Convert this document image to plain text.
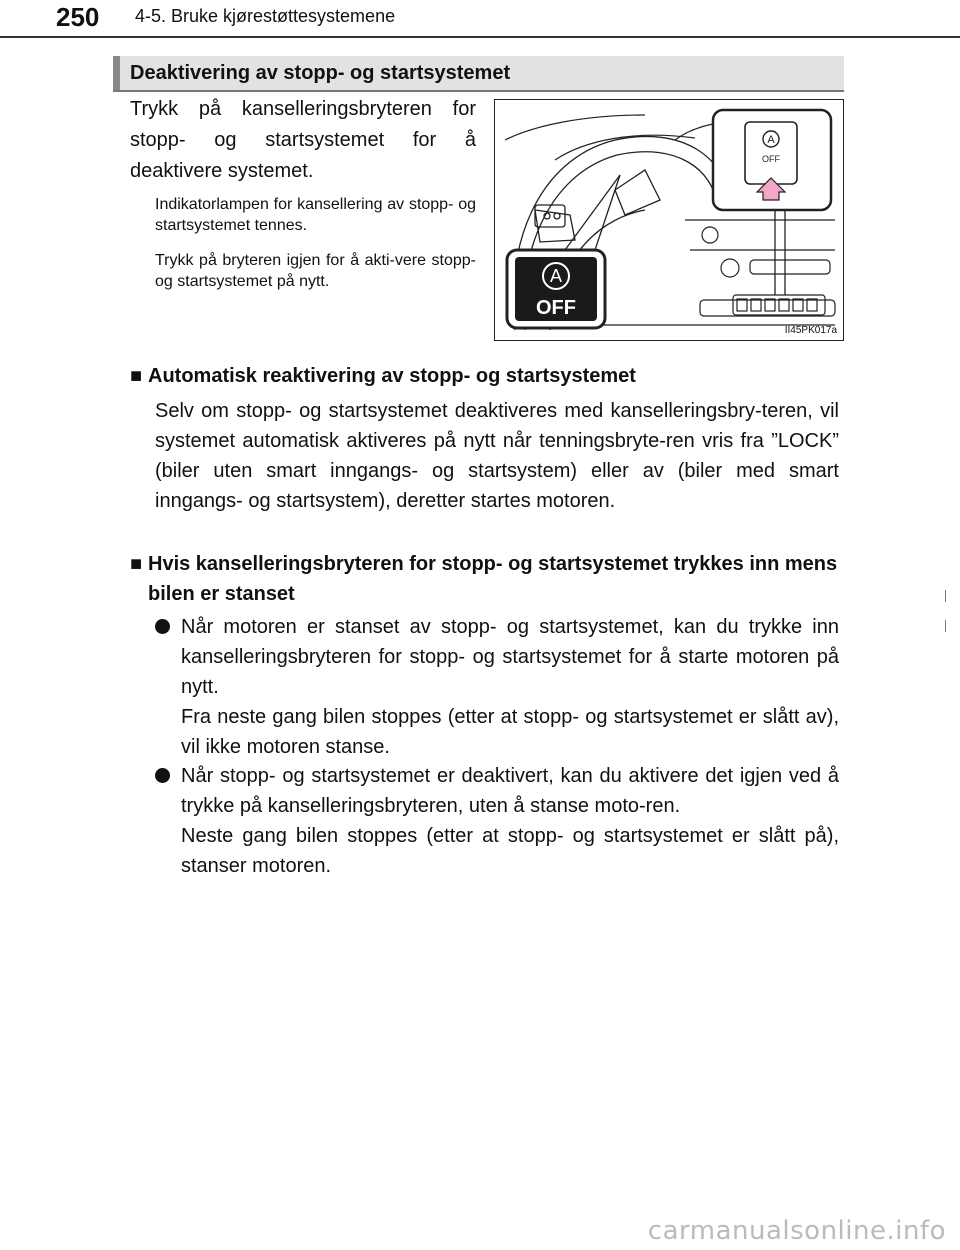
250 4-5. Bruke kjørestøttesystemene
Deaktivering av stopp- og startsystemet
Trykk på kanselleringsbryteren for stopp- og startsystemet for å deaktivere systemet.
Indikatorlampen for kansellering av stopp- og startsystemet tennes.
Trykk på bryteren igjen for å akti-vere stopp- og startsystemet på nytt.
A
OFF
A
OFF
II45PK017a
■ Automatisk reaktivering av stopp- og startsystemet
Selv om stopp- og startsystemet deaktiveres med kanselleringsbry-teren, vil systemet automatisk aktiveres på nytt når tenningsbryte-ren vris fra ”LOCK” (biler uten smart inngangs- og startsystem) eller av (biler med smart inngangs- og startsystem), deretter startes motoren.
■ Hvis kanselleringsbryteren for stopp- og startsystemet trykkes inn mens bilen er stanset
Når motoren er stanset av stopp- og startsystemet, kan du trykke inn kanselleringsbryteren for stopp- og startsystemet for å starte motoren på nytt.
Fra neste gang bilen stoppes (etter at stopp- og startsystemet er slått av), vil ikke motoren stanse.
Når stopp- og startsystemet er deaktivert, kan du aktivere det igjen ved å trykke på kanselleringsbryteren, uten å stanse moto-ren.
Neste gang bilen stoppes (etter at stopp- og startsystemet er slått på), stanser motoren.
carmanualsonline.info
